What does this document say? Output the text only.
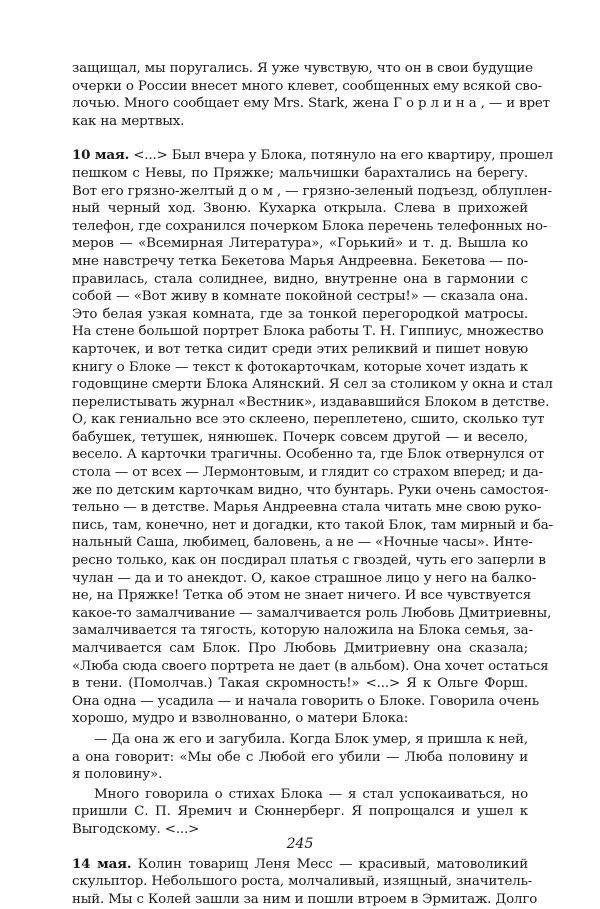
защищал, мы поругались. Я уже чувствую, что он в свои будущие
очерки о России внесет много клевет, сообщенных ему всякой сво-
лочью. Много сообщает ему Mrs. Stark, жена Г о р л и н а , — и врет
как на мертвых.
10 мая. <...> Был вчера у Блока, потянуло на его квартиру, прошел
пешком с Невы, по Пряжке; мальчишки барахтались на берегу.
Вот его грязно-желтый д о м , — грязно-зеленый подъезд, облуплен-
ный черный ход. Звоню. Кухарка открыла. Слева в прихожей
телефон, где сохранился почерком Блока перечень телефонных но-
меров — «Всемирная Литература», «Горький» и т. д. Вышла ко
мне навстречу тетка Бекетова Марья Андреевна. Бекетова — по-
правилась, стала солиднее, видно, внутренне она в гармонии с
собой — «Вот живу в комнате покойной сестры!» — сказала она.
Это белая узкая комната, где за тонкой перегородкой матросы.
На стене большой портрет Блока работы Т. Н. Гиппиус, множество
карточек, и вот тетка сидит среди этих реликвий и пишет новую
книгу о Блоке — текст к фотокарточкам, которые хочет издать к
годовщине смерти Блока Алянский. Я сел за столиком у окна и стал
перелистывать журнал «Вестник», издававшийся Блоком в детстве.
О, как гениально все это склеено, переплетено, сшито, сколько тут
бабушек, тетушек, нянюшек. Почерк совсем другой — и весело,
весело. А карточки трагичны. Особенно та, где Блок отвернулся от
стола — от всех — Лермонтовым, и глядит со страхом вперед; и да-
же по детским карточкам видно, что бунтарь. Руки очень самостоя-
тельно — в детстве. Марья Андреевна стала читать мне свою руко-
пись, там, конечно, нет и догадки, кто такой Блок, там мирный и ба-
нальный Саша, любимец, баловень, а не — «Ночные часы». Инте-
ресно только, как он посдирал платья с гвоздей, чуть его заперли в
чулан — да и то анекдот. О, какое страшное лицо у него на балко-
не, на Пряжке! Тетка об этом не знает ничего. И все чувствуется
какое-то замалчивание — замалчивается роль Любовь Дмитриевны,
замалчивается та тягость, которую наложила на Блока семья, за-
малчивается сам Блок. Про Любовь Дмитриевну она сказала;
«Люба сюда своего портрета не дает (в альбом). Она хочет остаться
в тени. (Помолчав.) Такая скромность!» <...> Я к Ольге Форш.
Она одна — усадила — и начала говорить о Блоке. Говорила очень
хорошо, мудро и взволнованно, о матери Блока:
— Да она ж его и загубила. Когда Блок умер, я пришла к ней,
а она говорит: «Мы обе с Любой его убили — Люба половину и
я половину».
Много говорила о стихах Блока — я стал успокаиваться, но
пришли С. П. Яремич и Сюннерберг. Я попрощался и ушел к
Выгодскому. <...>
14 мая. Колин товарищ Леня Месс — красивый, матоволикий
скульптор. Небольшого роста, молчаливый, изящный, значитель-
ный. Мы с Колей зашли за ним и пошли втроем в Эрмитаж. Долго
245
